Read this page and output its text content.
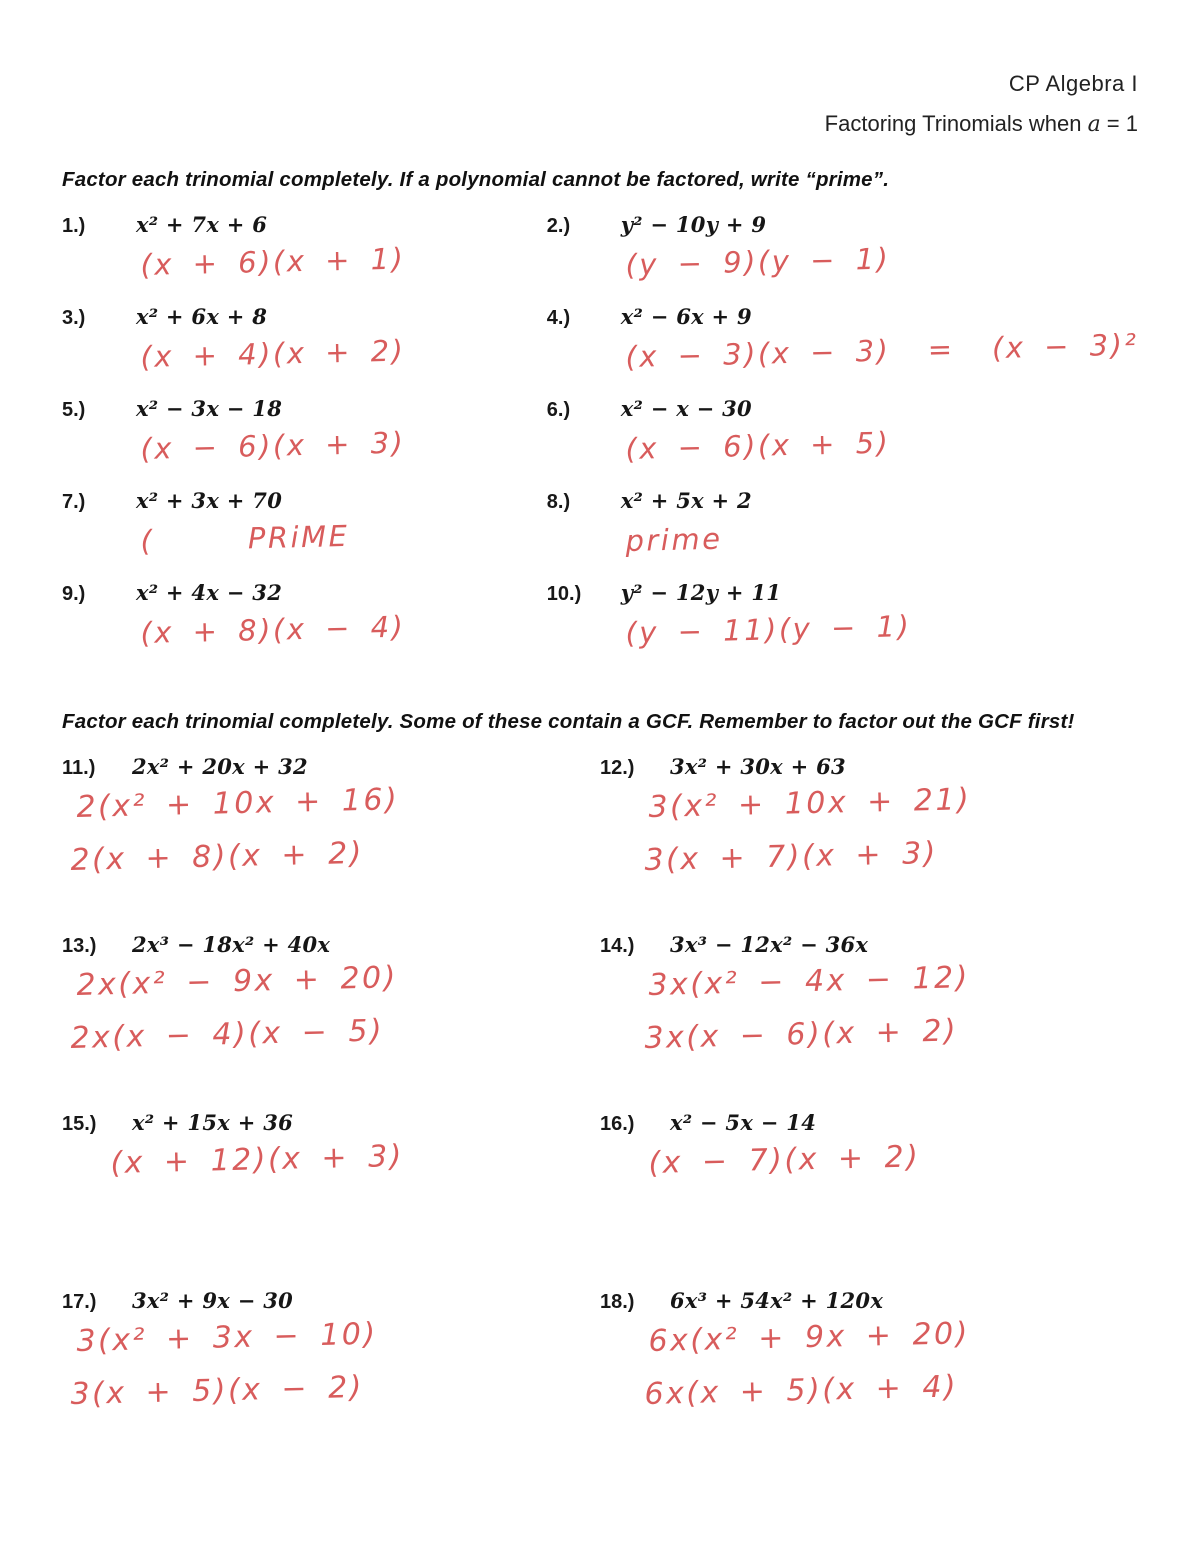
CP Algebra I
Factoring Trinomials when a = 1
Factor each trinomial completely. If a polynomial cannot be factored, write “prime”.
1.)	x² + 7x + 6
(x + 6)(x + 1)
2.)	y² − 10y + 9
(y − 9)(y − 1)
3.)	x² + 6x + 8
(x + 4)(x + 2)
4.)	x² − 6x + 9
(x − 3)(x − 3)  =  (x − 3)²
5.)	x² − 3x − 18
(x − 6)(x + 3)
6.)	x² − x − 30
(x − 6)(x + 5)
7.)	x² + 3x + 70
(     PRiME
8.)	x² + 5x + 2
prime
9.)	x² + 4x − 32
(x + 8)(x − 4)
10.)	y² − 12y + 11
(y − 11)(y − 1)
Factor each trinomial completely. Some of these contain a GCF. Remember to factor out the GCF first!
11.)	2x² + 20x + 32
2(x² + 10x + 16)
2(x + 8)(x + 2)
12.)	3x² + 30x + 63
3(x² + 10x + 21)
3(x + 7)(x + 3)
13.)	2x³ − 18x² + 40x
2x(x² − 9x + 20)
2x(x − 4)(x − 5)
14.)	3x³ − 12x² − 36x
3x(x² − 4x − 12)
3x(x − 6)(x + 2)
15.)	x² + 15x + 36
(x + 12)(x + 3)
16.)	x² − 5x − 14
(x − 7)(x + 2)
17.)	3x² + 9x − 30
3(x² + 3x − 10)
3(x + 5)(x − 2)
18.)	6x³ + 54x² + 120x
6x(x² + 9x + 20)
6x(x + 5)(x + 4)
